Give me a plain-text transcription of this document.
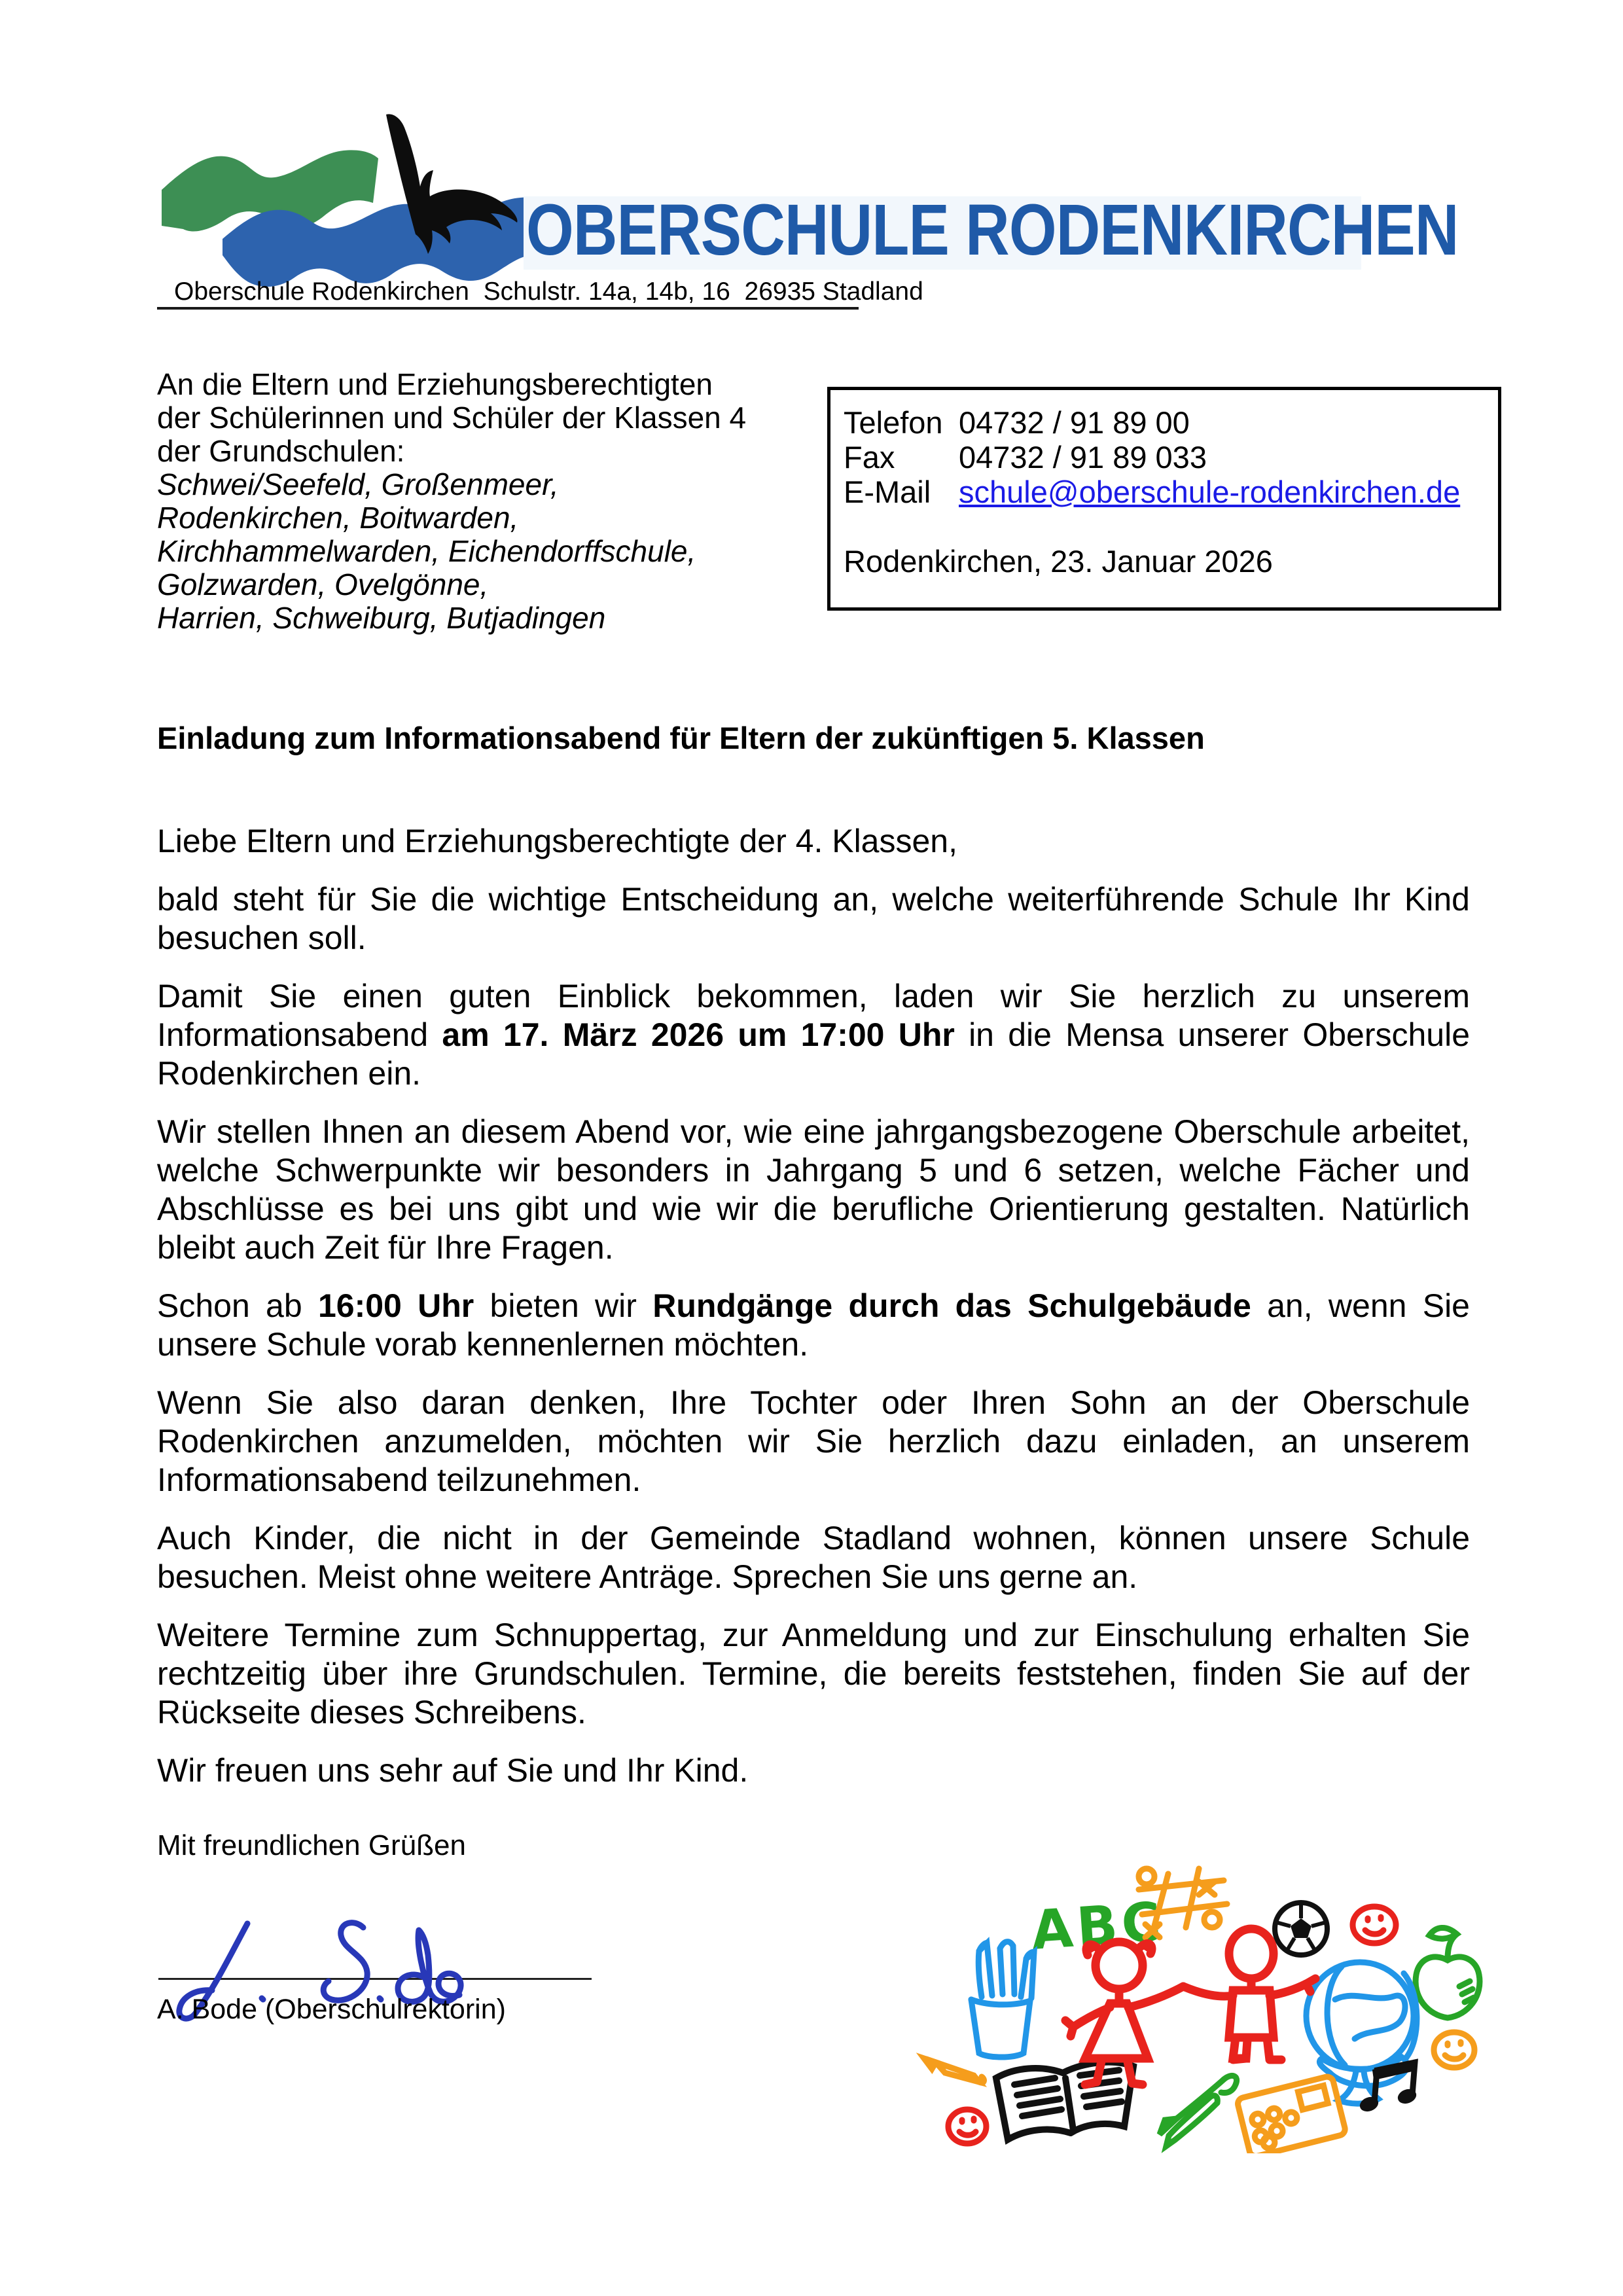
OBERSCHULE RODENKIRCHEN
Oberschule Rodenkirchen  Schulstr. 14a, 14b, 16  26935 Stadland
An die Eltern und Erziehungsberechtigten
der Schülerinnen und Schüler der Klassen 4
der Grundschulen:
Schwei/Seefeld, Großenmeer,
Rodenkirchen, Boitwarden,
Kirchhammelwarden, Eichendorffschule,
Golzwarden, Ovelgönne,
Harrien, Schweiburg, Butjadingen
Telefon 04732 / 91 89 00
Fax 04732 / 91 89 033
E-Mail schule@oberschule-rodenkirchen.de
Rodenkirchen, 23. Januar 2026
Einladung zum Informationsabend für Eltern der zukünftigen 5. Klassen

Liebe Eltern und Erziehungsberechtigte der 4. Klassen,

bald steht für Sie die wichtige Entscheidung an, welche weiterführende Schule Ihr Kind besuchen soll.

Damit Sie einen guten Einblick bekommen, laden wir Sie herzlich zu unserem Informationsabend am 17. März 2026 um 17:00 Uhr in die Mensa unserer Oberschule Rodenkirchen ein.

Wir stellen Ihnen an diesem Abend vor, wie eine jahrgangsbezogene Oberschule arbeitet, welche Schwerpunkte wir besonders in Jahrgang 5 und 6 setzen, welche Fächer und Abschlüsse es bei uns gibt und wie wir die berufliche Orientierung gestalten. Natürlich bleibt auch Zeit für Ihre Fragen.

Schon ab 16:00 Uhr bieten wir Rundgänge durch das Schulgebäude an, wenn Sie unsere Schule vorab kennenlernen möchten.

Wenn Sie also daran denken, Ihre Tochter oder Ihren Sohn an der Oberschule Rodenkirchen anzumelden, möchten wir Sie herzlich dazu einladen, an unserem Informationsabend teilzunehmen.

Auch Kinder, die nicht in der Gemeinde Stadland wohnen, können unsere Schule besuchen. Meist ohne weitere Anträge. Sprechen Sie uns gerne an.

Weitere Termine zum Schnuppertag, zur Anmeldung und zur Einschulung erhalten Sie rechtzeitig über ihre Grundschulen. Termine, die bereits feststehen, finden Sie auf der Rückseite dieses Schreibens.

Wir freuen uns sehr auf Sie und Ihr Kind.

Mit freundlichen Grüßen
A. Bode (Oberschulrektorin)
ABC
